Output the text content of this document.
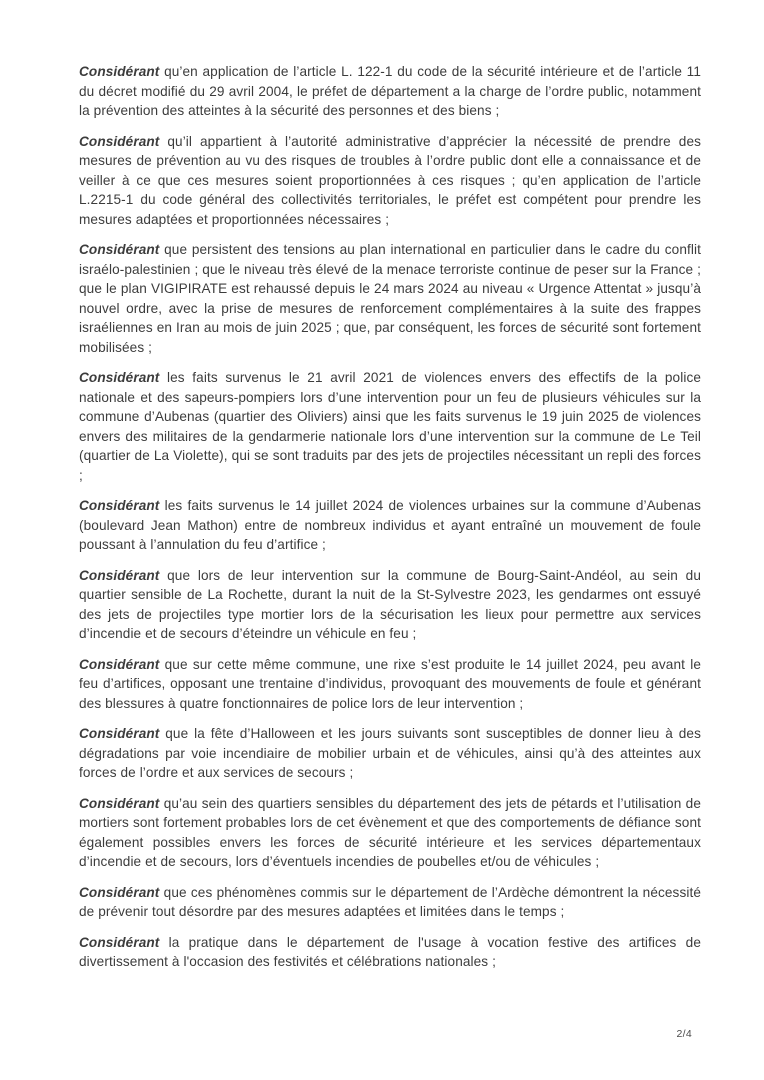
Considérant qu’en application de l’article L. 122-1 du code de la sécurité intérieure et de l’article 11 du décret modifié du 29 avril 2004, le préfet de département a la charge de l’ordre public, notamment la prévention des atteintes à la sécurité des personnes et des biens ;

Considérant qu’il appartient à l’autorité administrative d’apprécier la nécessité de prendre des mesures de prévention au vu des risques de troubles à l’ordre public dont elle a connaissance et de veiller à ce que ces mesures soient proportionnées à ces risques ; qu’en application de l’article L.2215-1 du code général des collectivités territoriales, le préfet est compétent pour prendre les mesures adaptées et proportionnées nécessaires ;

Considérant que persistent des tensions au plan international en particulier dans le cadre du conflit israélo-palestinien ; que le niveau très élevé de la menace terroriste continue de peser sur la France ; que le plan VIGIPIRATE est rehaussé depuis le 24 mars 2024 au niveau « Urgence Attentat » jusqu’à nouvel ordre, avec la prise de mesures de renforcement complémentaires à la suite des frappes israéliennes en Iran au mois de juin 2025 ; que, par conséquent, les forces de sécurité sont fortement mobilisées ;

Considérant les faits survenus le 21 avril 2021 de violences envers des effectifs de la police nationale et des sapeurs-pompiers lors d’une intervention pour un feu de plusieurs véhicules sur la commune d’Aubenas (quartier des Oliviers) ainsi que les faits survenus le 19 juin 2025 de violences envers des militaires de la gendarmerie nationale lors d’une intervention sur la commune de Le Teil (quartier de La Violette), qui se sont traduits par des jets de projectiles nécessitant un repli des forces ;

Considérant les faits survenus le 14 juillet 2024 de violences urbaines sur la commune d’Aubenas (boulevard Jean Mathon) entre de nombreux individus et ayant entraîné un mouvement de foule poussant à l’annulation du feu d’artifice ;

Considérant que lors de leur intervention sur la commune de Bourg-Saint-Andéol, au sein du quartier sensible de La Rochette, durant la nuit de la St-Sylvestre 2023, les gendarmes ont essuyé des jets de projectiles type mortier lors de la sécurisation les lieux pour permettre aux services d’incendie et de secours d’éteindre un véhicule en feu ;

Considérant que sur cette même commune, une rixe s’est produite le 14 juillet 2024, peu avant le feu d’artifices, opposant une trentaine d’individus, provoquant des mouvements de foule et générant des blessures à quatre fonctionnaires de police lors de leur intervention ;

Considérant que la fête d’Halloween et les jours suivants sont susceptibles de donner lieu à des dégradations par voie incendiaire de mobilier urbain et de véhicules, ainsi qu’à des atteintes aux forces de l’ordre et aux services de secours ;

Considérant qu’au sein des quartiers sensibles du département des jets de pétards et l’utilisation de mortiers sont fortement probables lors de cet évènement et que des comportements de défiance sont également possibles envers les forces de sécurité intérieure et les services départementaux d’incendie et de secours, lors d’éventuels incendies de poubelles et/ou de véhicules ;

Considérant que ces phénomènes commis sur le département de l’Ardèche démontrent la nécessité de prévenir tout désordre par des mesures adaptées et limitées dans le temps ;

Considérant la pratique dans le département de l'usage à vocation festive des artifices de divertissement à l'occasion des festivités et célébrations nationales ;

2/4
